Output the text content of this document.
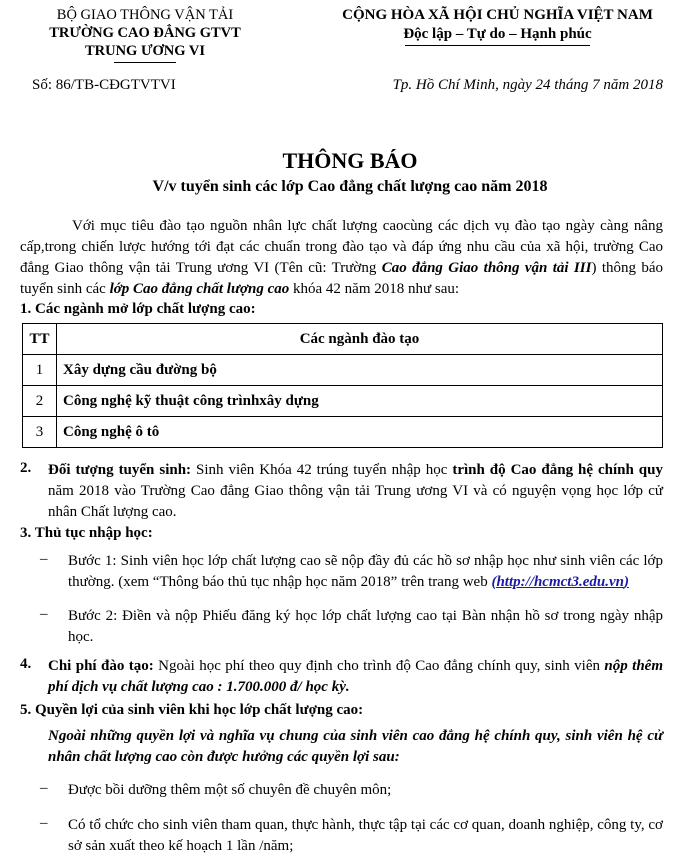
BỘ GIAO THÔNG VẬN TẢI
TRƯỜNG CAO ĐẲNG GTVT
TRUNG ƯƠNG VI
CỘNG HÒA XÃ HỘI CHỦ NGHĨA VIỆT NAM
Độc lập – Tự do – Hạnh phúc
Số: 86/TB-CĐGTVTVI	Tp. Hồ Chí Minh, ngày 24 tháng 7 năm 2018
THÔNG BÁO
V/v tuyển sinh các lớp Cao đẳng chất lượng cao năm 2018
Với mục tiêu đào tạo nguồn nhân lực chất lượng caocùng các dịch vụ đào tạo ngày càng nâng cấp,trong chiến lược hướng tới đạt các chuẩn trong đào tạo và đáp ứng nhu cầu của xã hội, trường Cao đẳng Giao thông vận tải Trung ương VI (Tên cũ: Trường Cao đẳng Giao thông vận tải III) thông báo tuyển sinh các lớp Cao đẳng chất lượng cao khóa 42 năm 2018 như sau:
1. Các ngành mở lớp chất lượng cao:
TT	Các ngành đào tạo
1	Xây dựng cầu đường bộ
2	Công nghệ kỹ thuật công trìnhxây dựng
3	Công nghệ ô tô
2. Đối tượng tuyển sinh: Sinh viên Khóa 42 trúng tuyển nhập học trình độ Cao đẳng hệ chính quy năm 2018 vào Trường Cao đẳng Giao thông vận tải Trung ương VI và có nguyện vọng học lớp cử nhân Chất lượng cao.
3. Thủ tục nhập học:
– Bước 1: Sinh viên học lớp chất lượng cao sẽ nộp đầy đủ các hồ sơ nhập học như sinh viên các lớp thường. (xem “Thông báo thủ tục nhập học năm 2018” trên trang web (http://hcmct3.edu.vn)
– Bước 2: Điền và nộp Phiếu đăng ký học lớp chất lượng cao tại Bàn nhận hồ sơ trong ngày nhập học.
4. Chi phí đào tạo: Ngoài học phí theo quy định cho trình độ Cao đẳng chính quy, sinh viên nộp thêm phí dịch vụ chất lượng cao : 1.700.000 đ/ học kỳ.
5. Quyền lợi của sinh viên khi học lớp chất lượng cao:
Ngoài những quyền lợi và nghĩa vụ chung của sinh viên cao đẳng hệ chính quy, sinh viên hệ cử nhân chất lượng cao còn được hưởng các quyền lợi sau:
– Được bồi dưỡng thêm một số chuyên đề chuyên môn;
– Có tổ chức cho sinh viên tham quan, thực hành, thực tập tại các cơ quan, doanh nghiệp, công ty, cơ sở sản xuất theo kế hoạch 1 lần /năm;
